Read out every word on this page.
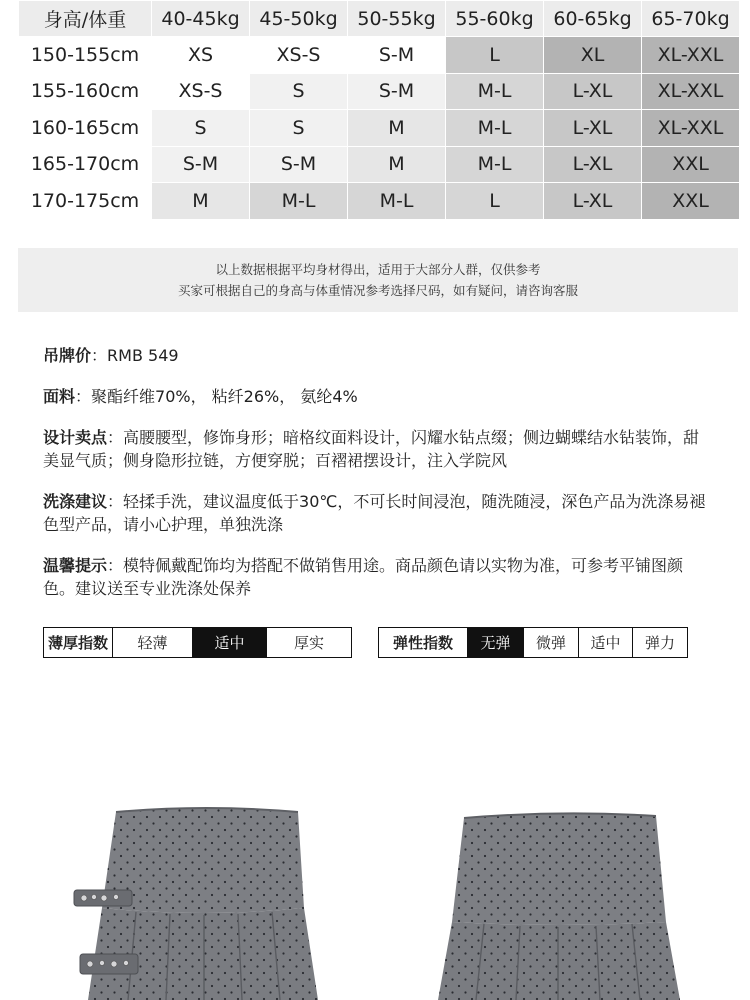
身高/体重	40-45kg	45-50kg	50-55kg	55-60kg	60-65kg	65-70kg
150-155cm	XS	XS-S	S-M	L	XL	XL-XXL
155-160cm	XS-S	S	S-M	M-L	L-XL	XL-XXL
160-165cm	S	S	M	M-L	L-XL	XL-XXL
165-170cm	S-M	S-M	M	M-L	L-XL	XXL
170-175cm	M	M-L	M-L	L	L-XL	XXL

以上数据根据平均身材得出，适用于大部分人群，仅供参考

买家可根据自己的身高与体重情况参考选择尺码，如有疑问，请咨询客服

吊牌价：RMB 549
面料：聚酯纤维70%， 粘纤26%， 氨纶4%
设计卖点：高腰腰型，修饰身形；暗格纹面料设计，闪耀水钻点缀；侧边蝴蝶结水钻装饰，甜美显气质；侧身隐形拉链，方便穿脱；百褶裙摆设计，注入学院风
洗涤建议：轻揉手洗，建议温度低于30℃，不可长时间浸泡，随洗随浸，深色产品为洗涤易褪色型产品，请小心护理，单独洗涤
温馨提示：模特佩戴配饰均为搭配不做销售用途。商品颜色请以实物为准，可参考平铺图颜色。建议送至专业洗涤处保养
薄厚指数	轻薄	适中	厚实	弹性指数	无弹	微弹	适中	弹力
